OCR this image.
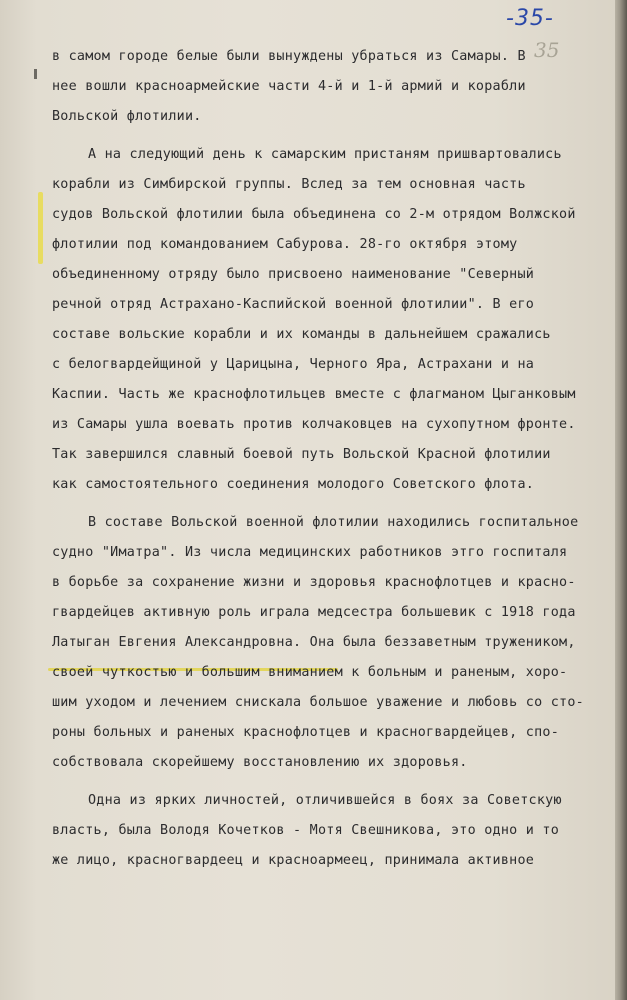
-35-
35
в самом городе белые были вынуждены убраться из Самары. В
нее вошли красноармейские части 4-й и 1-й армий и корабли
Вольской флотилии.
А на следующий день к самарским пристаням пришвартовались
корабли из Симбирской группы. Вслед за тем основная часть
судов Вольской флотилии была объединена со 2-м отрядом Волжской
флотилии под командованием Сабурова. 28-го октября этому
объединенному отряду было присвоено наименование "Северный
речной отряд Астрахано-Каспийской военной флотилии". В его
составе вольские корабли и их команды в дальнейшем сражались
с белогвардейщиной у Царицына, Черного Яра, Астрахани и на
Каспии. Часть же краснофлотильцев вместе с флагманом Цыганковым
из Самары ушла воевать против колчаковцев на сухопутном фронте.
Так завершился славный боевой путь Вольской Красной флотилии
как самостоятельного соединения молодого Советского флота.
В составе Вольской военной флотилии находились госпитальное
судно "Иматра". Из числа медицинских работников этго госпиталя
в борьбе за сохранение жизни и здоровья краснофлотцев и красно-
гвардейцев активную роль играла медсестра большевик с 1918 года
Латыган Евгения Александровна. Она была беззаветным тружеником,
своей чуткостью и большим вниманием к больным и раненым, хоро-
шим уходом и лечением снискала большое уважение и любовь со сто-
роны больных и раненых краснофлотцев и красногвардейцев, спо-
собствовала скорейшему восстановлению их здоровья.
Одна из ярких личностей, отличившейся в боях за Советскую
власть, была Володя Кочетков - Мотя Свешникова, это одно и то
же лицо, красногвардеец и красноармеец, принимала активное
